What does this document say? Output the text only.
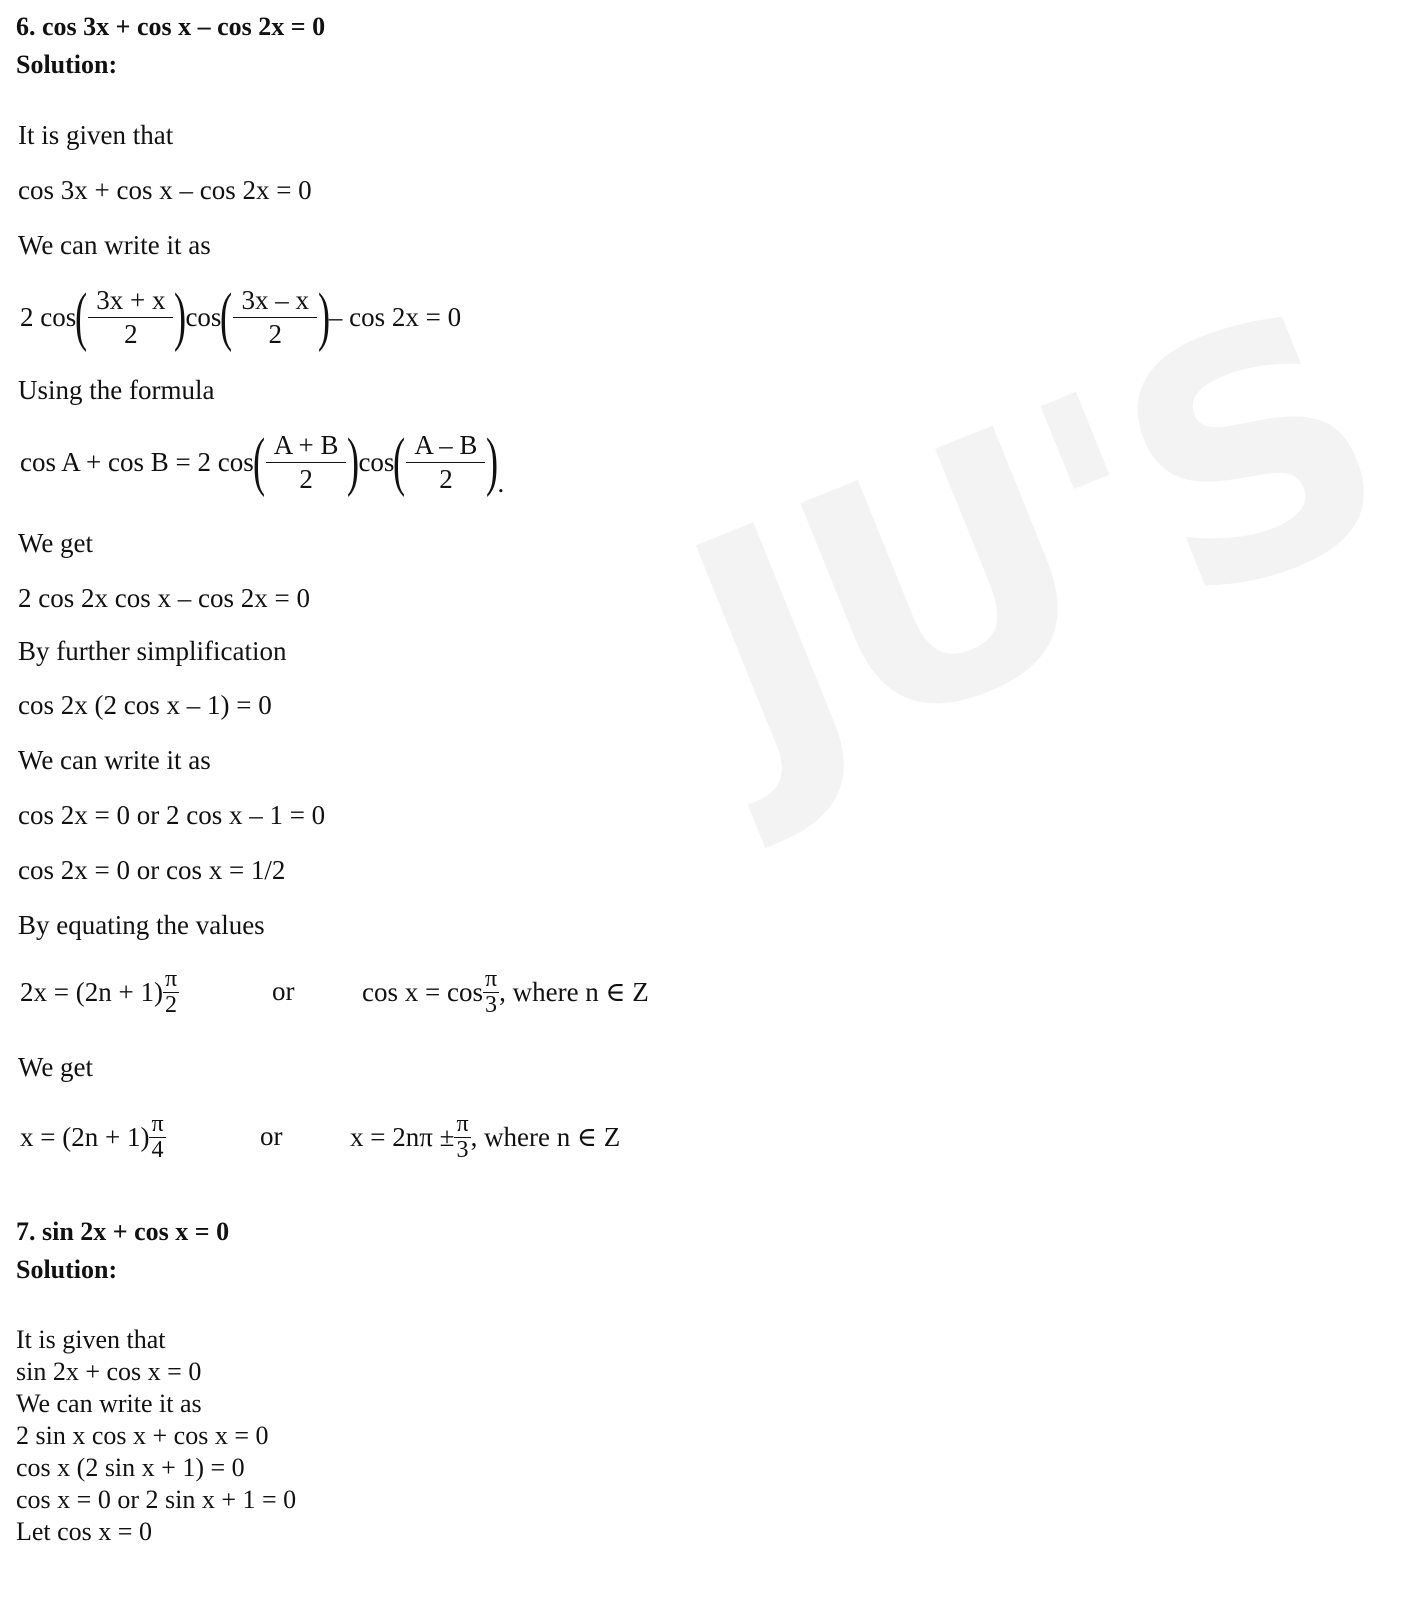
JU'S
6. cos 3x + cos x – cos 2x = 0
Solution:
It is given that
cos 3x + cos x – cos 2x = 0
We can write it as
2 cos
( $\frac{3x + x}{2}$ )
cos
( $\frac{3x - x}{2}$ )
– cos 2x = 0
Using the formula
cos A + cos B = 2 cos
( $\frac{A + B}{2}$ )
cos
( $\frac{A - B}{2}$ )
.
We get
2 cos 2x cos x – cos 2x = 0
By further simplification
cos 2x (2 cos x – 1) = 0
We can write it as
cos 2x = 0 or 2 cos x – 1 = 0
cos 2x = 0 or cos x = 1/2
By equating the values
$2x = (2n + 1) \frac{\pi}{2}$	or	$\cos x = \cos \frac{\pi}{3}$ , where n ∈ Z
We get
$x = (2n + 1) \frac{\pi}{4}$	or	$x = 2n\pi \pm \frac{\pi}{3}$ , where n ∈ Z
7. sin 2x + cos x = 0
Solution:
It is given that
sin 2x + cos x = 0
We can write it as
2 sin x cos x + cos x = 0
cos x (2 sin x + 1) = 0
cos x = 0 or 2 sin x + 1 = 0
Let cos x = 0
